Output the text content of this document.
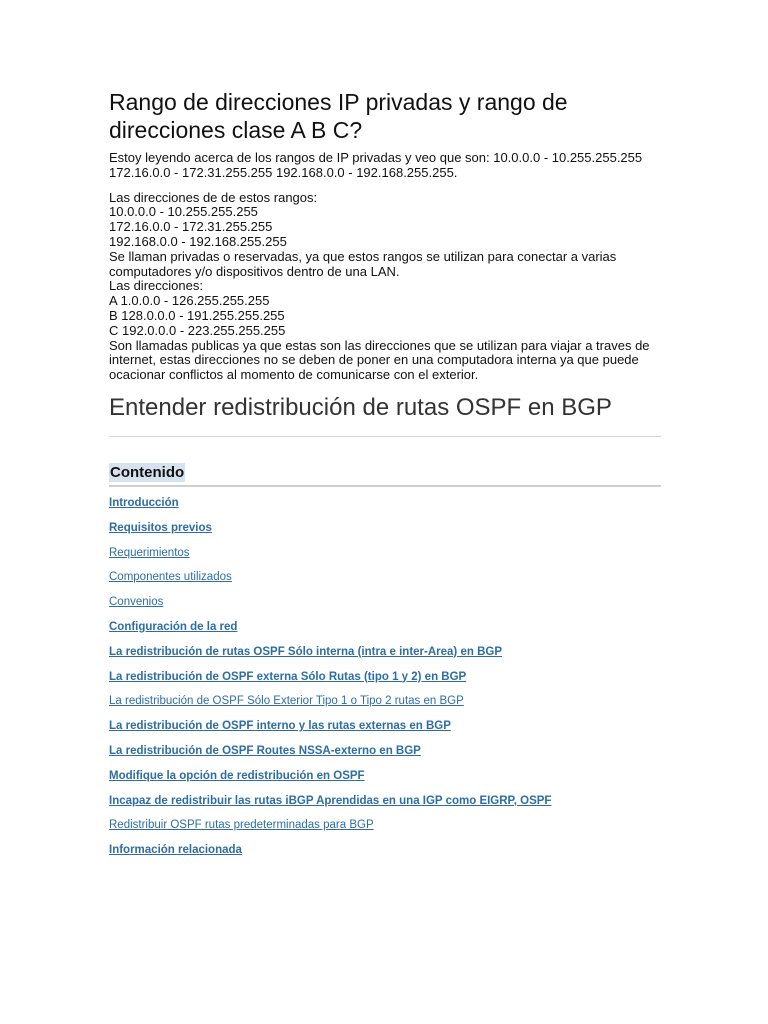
Rango de direcciones IP privadas y rango de direcciones clase A B C?

Estoy leyendo acerca de los rangos de IP privadas y veo que son: 10.0.0.0 - 10.255.255.255
172.16.0.0 - 172.31.255.255 192.168.0.0 - 192.168.255.255.

Las direcciones de de estos rangos:
10.0.0.0 - 10.255.255.255
172.16.0.0 - 172.31.255.255
192.168.0.0 - 192.168.255.255
Se llaman privadas o reservadas, ya que estos rangos se utilizan para conectar a varias
computadores y/o dispositivos dentro de una LAN.
Las direcciones:
A 1.0.0.0 - 126.255.255.255
B 128.0.0.0 - 191.255.255.255
C 192.0.0.0 - 223.255.255.255
Son llamadas publicas ya que estas son las direcciones que se utilizan para viajar a traves de
internet, estas direcciones no se deben de poner en una computadora interna ya que puede
ocacionar conflictos al momento de comunicarse con el exterior.

Entender redistribución de rutas OSPF en BGP
Contenido
Introducción
Requisitos previos
Requerimientos
Componentes utilizados
Convenios
Configuración de la red
La redistribución de rutas OSPF Sólo interna (intra e inter-Area) en BGP
La redistribución de OSPF externa Sólo Rutas (tipo 1 y 2) en BGP
La redistribución de OSPF Sólo Exterior Tipo 1 o Tipo 2 rutas en BGP
La redistribución de OSPF interno y las rutas externas en BGP
La redistribución de OSPF Routes NSSA-externo en BGP
Modifique la opción de redistribución en OSPF
Incapaz de redistribuir las rutas iBGP Aprendidas en una IGP como EIGRP, OSPF
Redistribuir OSPF rutas predeterminadas para BGP
Información relacionada
